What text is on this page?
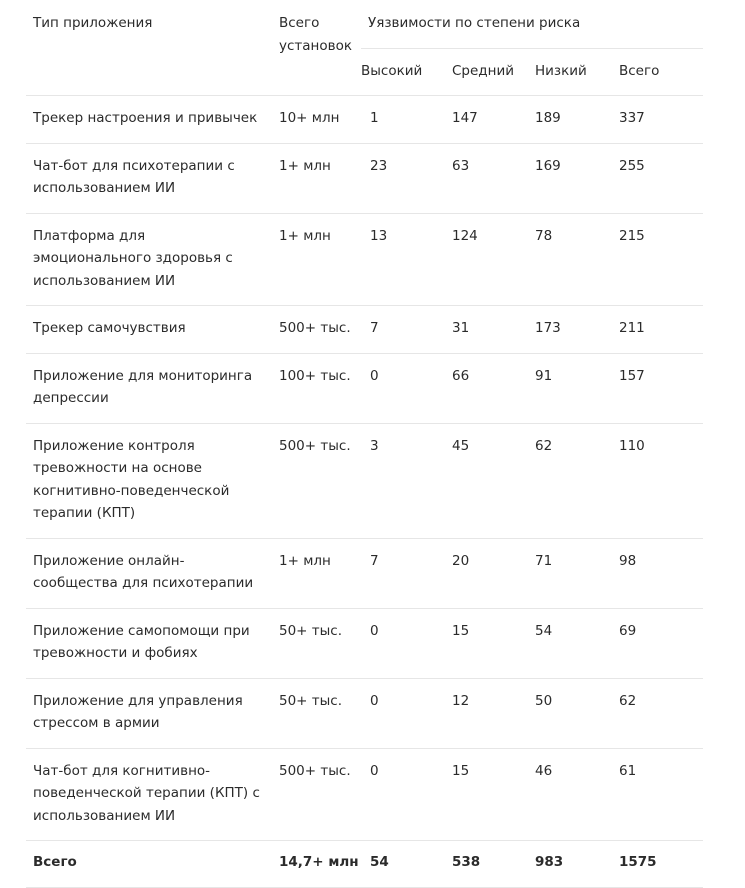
Тип приложения	Всего установок	Уязвимости по степени риска			
		Высокий	Средний	Низкий	Всего
Трекер настроения и привычек	10+ млн	1	147	189	337
Чат-бот для психотерапии с использованием ИИ	1+ млн	23	63	169	255
Платформа для эмоционального здоровья с использованием ИИ	1+ млн	13	124	78	215
Трекер самочувствия	500+ тыс.	7	31	173	211
Приложение для мониторинга депрессии	100+ тыс.	0	66	91	157
Приложение контроля тревожности на основе когнитивно-поведенческой терапии (КПТ)	500+ тыс.	3	45	62	110
Приложение онлайн-сообщества для психотерапии	1+ млн	7	20	71	98
Приложение самопомощи при тревожности и фобиях	50+ тыс.	0	15	54	69
Приложение для управления стрессом в армии	50+ тыс.	0	12	50	62
Чат-бот для когнитивно-поведенческой терапии (КПТ) с использованием ИИ	500+ тыс.	0	15	46	61
Всего	14,7+ млн	54	538	983	1575
